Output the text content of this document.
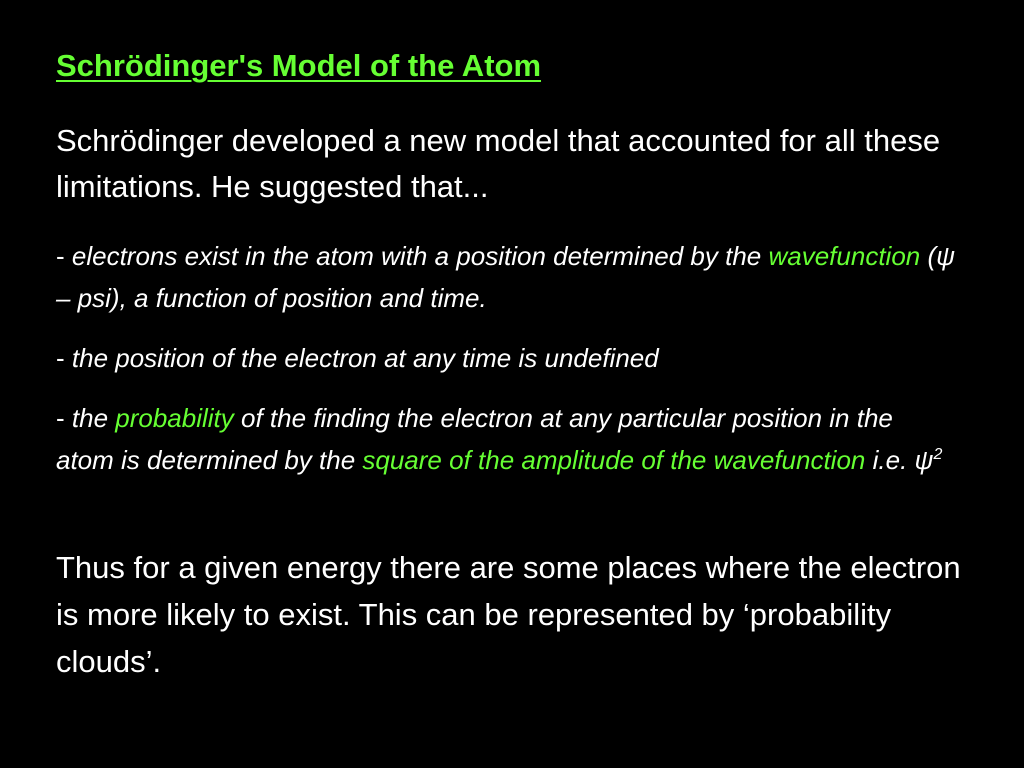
Schrödinger's Model of the Atom

Schrödinger developed a new model that accounted for all these limitations. He suggested that...

- electrons exist in the atom with a position determined by the wavefunction (ψ – psi), a function of position and time.

- the position of the electron at any time is undefined

- the probability of the finding the electron at any particular position in the atom is determined by the square of the amplitude of the wavefunction i.e. $\psi^2$

Thus for a given energy there are some places where the electron is more likely to exist. This can be represented by ‘probability clouds’.
